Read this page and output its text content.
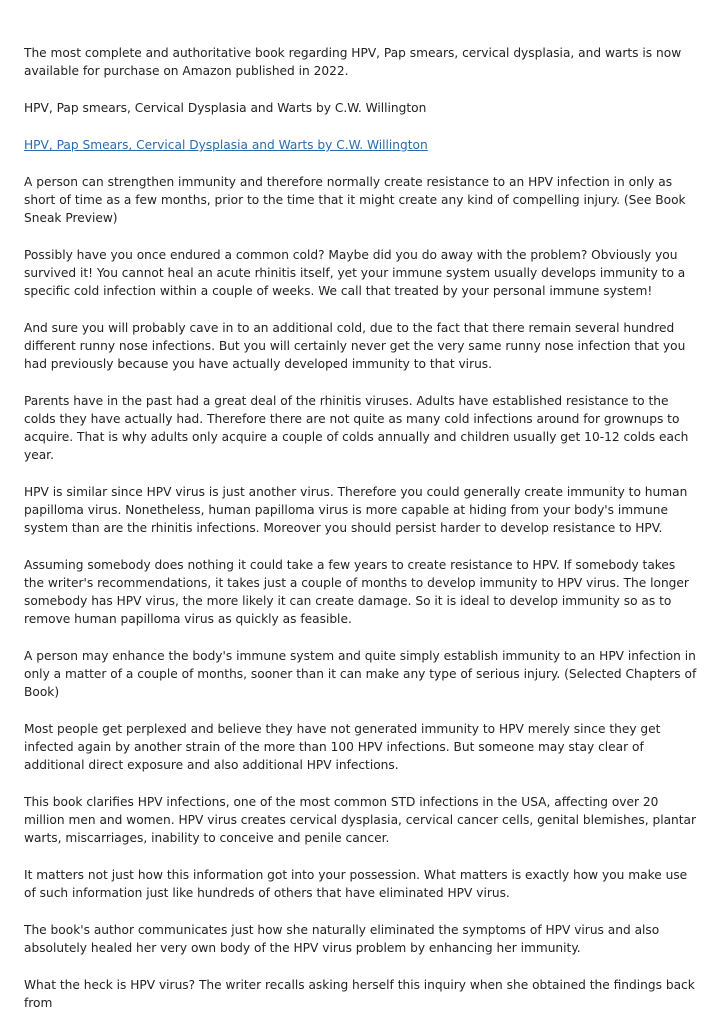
The most complete and authoritative book regarding HPV, Pap smears, cervical dysplasia, and warts is now available for purchase on Amazon published in 2022.

HPV, Pap smears, Cervical Dysplasia and Warts by C.W. Willington

HPV, Pap Smears, Cervical Dysplasia and Warts by C.W. Willington

A person can strengthen immunity and therefore normally create resistance to an HPV infection in only as short of time as a few months, prior to the time that it might create any kind of compelling injury. (See Book Sneak Preview)

Possibly have you once endured a common cold? Maybe did you do away with the problem? Obviously you survived it! You cannot heal an acute rhinitis itself, yet your immune system usually develops immunity to a specific cold infection within a couple of weeks. We call that treated by your personal immune system!

And sure you will probably cave in to an additional cold, due to the fact that there remain several hundred different runny nose infections. But you will certainly never get the very same runny nose infection that you had previously because you have actually developed immunity to that virus.

Parents have in the past had a great deal of the rhinitis viruses. Adults have established resistance to the colds they have actually had. Therefore there are not quite as many cold infections around for grownups to acquire. That is why adults only acquire a couple of colds annually and children usually get 10-12 colds each year.

HPV is similar since HPV virus is just another virus. Therefore you could generally create immunity to human papilloma virus. Nonetheless, human papilloma virus is more capable at hiding from your body's immune system than are the rhinitis infections. Moreover you should persist harder to develop resistance to HPV.

Assuming somebody does nothing it could take a few years to create resistance to HPV. If somebody takes the writer's recommendations, it takes just a couple of months to develop immunity to HPV virus. The longer somebody has HPV virus, the more likely it can create damage. So it is ideal to develop immunity so as to remove human papilloma virus as quickly as feasible.

A person may enhance the body's immune system and quite simply establish immunity to an HPV infection in only a matter of a couple of months, sooner than it can make any type of serious injury. (Selected Chapters of Book)

Most people get perplexed and believe they have not generated immunity to HPV merely since they get infected again by another strain of the more than 100 HPV infections. But someone may stay clear of additional direct exposure and also additional HPV infections.

This book clarifies HPV infections, one of the most common STD infections in the USA, affecting over 20 million men and women. HPV virus creates cervical dysplasia, cervical cancer cells, genital blemishes, plantar warts, miscarriages, inability to conceive and penile cancer.

It matters not just how this information got into your possession. What matters is exactly how you make use of such information just like hundreds of others that have eliminated HPV virus.

The book's author communicates just how she naturally eliminated the symptoms of HPV virus and also absolutely healed her very own body of the HPV virus problem by enhancing her immunity.

What the heck is HPV virus? The writer recalls asking herself this inquiry when she obtained the findings back from
